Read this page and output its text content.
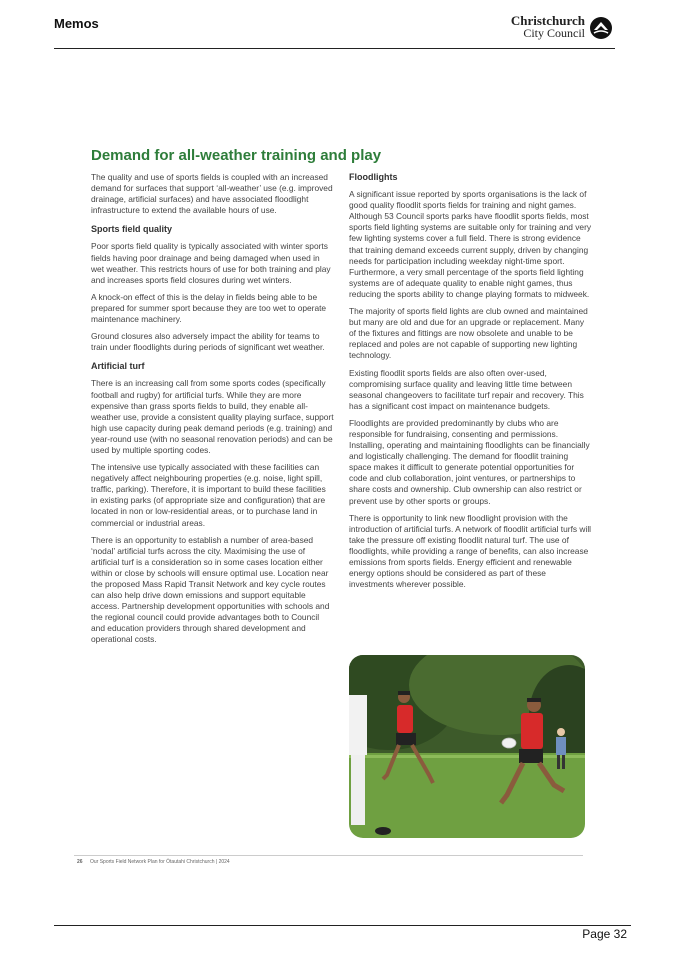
Memos	Christchurch
City Council
Demand for all-weather training and play

The quality and use of sports fields is coupled with an increased demand for surfaces that support ‘all-weather’ use (e.g. improved drainage, artificial surfaces) and have associated floodlight infrastructure to extend the available hours of use.

Sports field quality

Poor sports field quality is typically associated with winter sports fields having poor drainage and being damaged when used in wet weather. This restricts hours of use for both training and play and increases sports field closures during wet winters.

A knock-on effect of this is the delay in fields being able to be prepared for summer sport because they are too wet to operate maintenance machinery.

Ground closures also adversely impact the ability for teams to train under floodlights during periods of significant wet weather.

Artificial turf

There is an increasing call from some sports codes (specifically football and rugby) for artificial turfs. While they are more expensive than grass sports fields to build, they enable all-weather use, provide a consistent quality playing surface, support high use capacity during peak demand periods (e.g. training) and year-round use (with no seasonal renovation periods) and can be used by multiple sporting codes.

The intensive use typically associated with these facilities can negatively affect neighbouring properties (e.g. noise, light spill, traffic, parking). Therefore, it is important to build these facilities in existing parks (of appropriate size and configuration) that are located in non or low-residential areas, or to purchase land in commercial or industrial areas.

There is an opportunity to establish a number of area-based ‘nodal’ artificial turfs across the city. Maximising the use of artificial turf is a consideration so in some cases location either within or close by schools will ensure optimal use. Location near the proposed Mass Rapid Transit Network and key cycle routes can also help drive down emissions and support equitable access. Partnership development opportunities with schools and the regional council could provide advantages both to Council and education providers through shared development and operational costs.

Floodlights

A significant issue reported by sports organisations is the lack of good quality floodlit sports fields for training and night games. Although 53 Council sports parks have floodlit sports fields, most sports field lighting systems are suitable only for training and very few lighting systems cover a full field. There is strong evidence that training demand exceeds current supply, driven by changing needs for participation including weekday night-time sport. Furthermore, a very small percentage of the sports field lighting systems are of adequate quality to enable night games, thus reducing the sports ability to change playing formats to midweek.

The majority of sports field lights are club owned and maintained but many are old and due for an upgrade or replacement. Many of the fixtures and fittings are now obsolete and unable to be replaced and poles are not capable of supporting new lighting technology.

Existing floodlit sports fields are also often over-used, compromising surface quality and leaving little time between seasonal changeovers to facilitate turf repair and recovery. This has a significant cost impact on maintenance budgets.

Floodlights are provided predominantly by clubs who are responsible for fundraising, consenting and permissions. Installing, operating and maintaining floodlights can be financially and logistically challenging. The demand for floodlit training space makes it difficult to generate potential opportunities for code and club collaboration, joint ventures, or partnerships to share costs and ownership. Club ownership can also restrict or prevent use by other sports or groups.

There is opportunity to link new floodlight provision with the introduction of artificial turfs. A network of floodlit artificial turfs will take the pressure off existing floodlit natural turf. The use of floodlights, while providing a range of benefits, can also increase emissions from sports fields. Energy efficient and renewable energy options should be considered as part of these investments wherever possible.

26 Our Sports Field Network Plan for Ōtautahi Christchurch | 2024
Page 32
